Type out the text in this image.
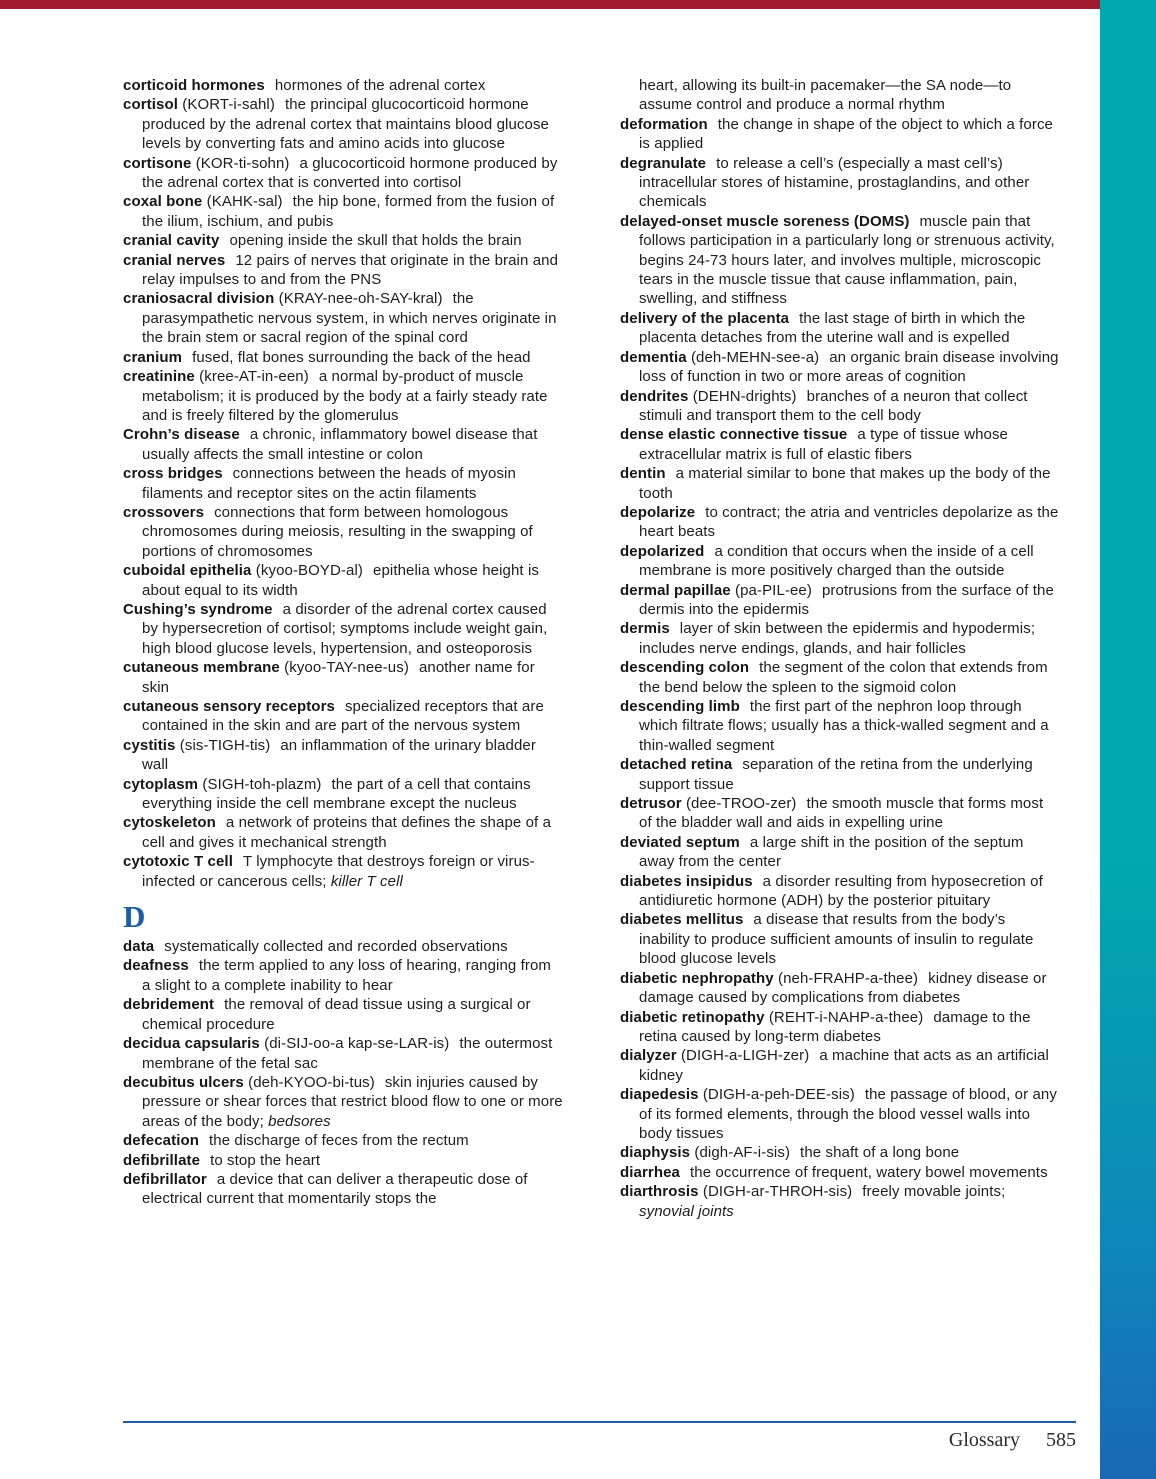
corticoid hormones hormones of the adrenal cortex
cortisol (KORT-i-sahl) the principal glucocorticoid hormone produced by the adrenal cortex that maintains blood glucose levels by converting fats and amino acids into glucose
cortisone (KOR-ti-sohn) a glucocorticoid hormone produced by the adrenal cortex that is converted into cortisol
coxal bone (KAHK-sal) the hip bone, formed from the fusion of the ilium, ischium, and pubis
cranial cavity opening inside the skull that holds the brain
cranial nerves 12 pairs of nerves that originate in the brain and relay impulses to and from the PNS
craniosacral division (KRAY-nee-oh-SAY-kral) the parasympathetic nervous system, in which nerves originate in the brain stem or sacral region of the spinal cord
cranium fused, flat bones surrounding the back of the head
creatinine (kree-AT-in-een) a normal by-product of muscle metabolism; it is produced by the body at a fairly steady rate and is freely filtered by the glomerulus
Crohn’s disease a chronic, inflammatory bowel disease that usually affects the small intestine or colon
cross bridges connections between the heads of myosin filaments and receptor sites on the actin filaments
crossovers connections that form between homologous chromosomes during meiosis, resulting in the swapping of portions of chromosomes
cuboidal epithelia (kyoo-BOYD-al) epithelia whose height is about equal to its width
Cushing’s syndrome a disorder of the adrenal cortex caused by hypersecretion of cortisol; symptoms include weight gain, high blood glucose levels, hypertension, and osteoporosis
cutaneous membrane (kyoo-TAY-nee-us) another name for skin
cutaneous sensory receptors specialized receptors that are contained in the skin and are part of the nervous system
cystitis (sis-TIGH-tis) an inflammation of the urinary bladder wall
cytoplasm (SIGH-toh-plazm) the part of a cell that contains everything inside the cell membrane except the nucleus
cytoskeleton a network of proteins that defines the shape of a cell and gives it mechanical strength
cytotoxic T cell T lymphocyte that destroys foreign or virus-infected or cancerous cells; killer T cell
D
data systematically collected and recorded observations
deafness the term applied to any loss of hearing, ranging from a slight to a complete inability to hear
debridement the removal of dead tissue using a surgical or chemical procedure
decidua capsularis (di-SIJ-oo-a kap-se-LAR-is) the outermost membrane of the fetal sac
decubitus ulcers (deh-KYOO-bi-tus) skin injuries caused by pressure or shear forces that restrict blood flow to one or more areas of the body; bedsores
defecation the discharge of feces from the rectum
defibrillate to stop the heart
defibrillator a device that can deliver a therapeutic dose of electrical current that momentarily stops the
heart, allowing its built-in pacemaker—the SA node—to assume control and produce a normal rhythm
deformation the change in shape of the object to which a force is applied
degranulate to release a cell’s (especially a mast cell’s) intracellular stores of histamine, prostaglandins, and other chemicals
delayed-onset muscle soreness (DOMS) muscle pain that follows participation in a particularly long or strenuous activity, begins 24-73 hours later, and involves multiple, microscopic tears in the muscle tissue that cause inflammation, pain, swelling, and stiffness
delivery of the placenta the last stage of birth in which the placenta detaches from the uterine wall and is expelled
dementia (deh-MEHN-see-a) an organic brain disease involving loss of function in two or more areas of cognition
dendrites (DEHN-drights) branches of a neuron that collect stimuli and transport them to the cell body
dense elastic connective tissue a type of tissue whose extracellular matrix is full of elastic fibers
dentin a material similar to bone that makes up the body of the tooth
depolarize to contract; the atria and ventricles depolarize as the heart beats
depolarized a condition that occurs when the inside of a cell membrane is more positively charged than the outside
dermal papillae (pa-PIL-ee) protrusions from the surface of the dermis into the epidermis
dermis layer of skin between the epidermis and hypodermis; includes nerve endings, glands, and hair follicles
descending colon the segment of the colon that extends from the bend below the spleen to the sigmoid colon
descending limb the first part of the nephron loop through which filtrate flows; usually has a thick-walled segment and a thin-walled segment
detached retina separation of the retina from the underlying support tissue
detrusor (dee-TROO-zer) the smooth muscle that forms most of the bladder wall and aids in expelling urine
deviated septum a large shift in the position of the septum away from the center
diabetes insipidus a disorder resulting from hyposecretion of antidiuretic hormone (ADH) by the posterior pituitary
diabetes mellitus a disease that results from the body’s inability to produce sufficient amounts of insulin to regulate blood glucose levels
diabetic nephropathy (neh-FRAHP-a-thee) kidney disease or damage caused by complications from diabetes
diabetic retinopathy (REHT-i-NAHP-a-thee) damage to the retina caused by long-term diabetes
dialyzer (DIGH-a-LIGH-zer) a machine that acts as an artificial kidney
diapedesis (DIGH-a-peh-DEE-sis) the passage of blood, or any of its formed elements, through the blood vessel walls into body tissues
diaphysis (digh-AF-i-sis) the shaft of a long bone
diarrhea the occurrence of frequent, watery bowel movements
diarthrosis (DIGH-ar-THROH-sis) freely movable joints; synovial joints
Glossary 585
